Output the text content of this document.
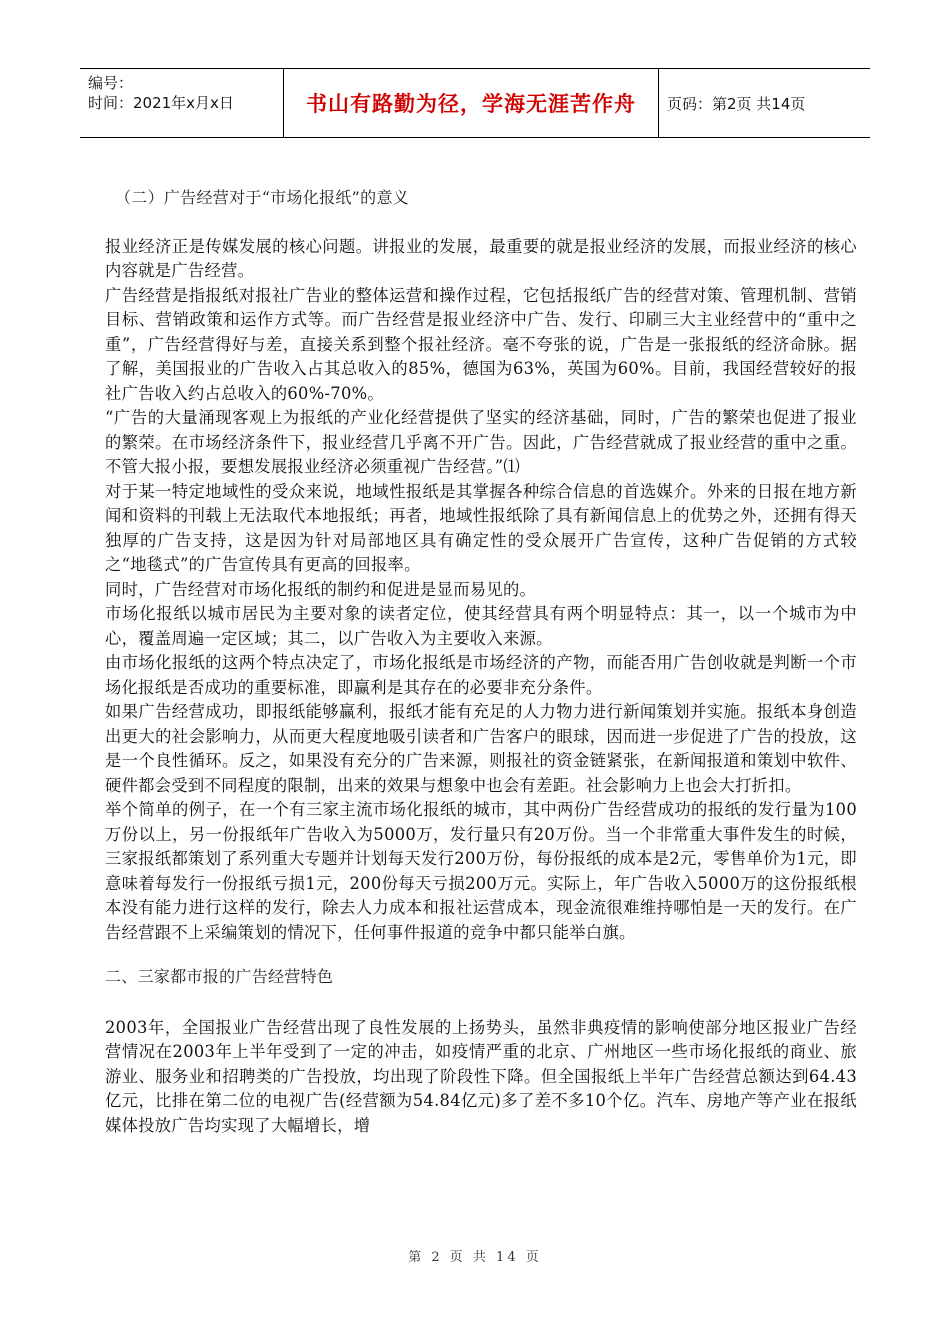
编号：
时间：2021年x月x日	书山有路勤为径，学海无涯苦作舟	页码：第2页 共14页
（二）广告经营对于“市场化报纸”的意义

报业经济正是传媒发展的核心问题。讲报业的发展，最重要的就是报业经济的发展，而报业经济的核心内容就是广告经营。

广告经营是指报纸对报社广告业的整体运营和操作过程，它包括报纸广告的经营对策、管理机制、营销目标、营销政策和运作方式等。而广告经营是报业经济中广告、发行、印刷三大主业经营中的“重中之重”，广告经营得好与差，直接关系到整个报社经济。毫不夸张的说，广告是一张报纸的经济命脉。据了解，美国报业的广告收入占其总收入的85%，德国为63%，英国为60%。目前，我国经营较好的报社广告收入约占总收入的60%-70%。

“广告的大量涌现客观上为报纸的产业化经营提供了坚实的经济基础，同时，广告的繁荣也促进了报业的繁荣。在市场经济条件下，报业经营几乎离不开广告。因此，广告经营就成了报业经营的重中之重。不管大报小报，要想发展报业经济必须重视广告经营。”⑴

对于某一特定地域性的受众来说，地域性报纸是其掌握各种综合信息的首选媒介。外来的日报在地方新闻和资料的刊载上无法取代本地报纸；再者，地域性报纸除了具有新闻信息上的优势之外，还拥有得天独厚的广告支持，这是因为针对局部地区具有确定性的受众展开广告宣传，这种广告促销的方式较之“地毯式”的广告宣传具有更高的回报率。

同时，广告经营对市场化报纸的制约和促进是显而易见的。

市场化报纸以城市居民为主要对象的读者定位，使其经营具有两个明显特点：其一，以一个城市为中心，覆盖周遍一定区域；其二，以广告收入为主要收入来源。

由市场化报纸的这两个特点决定了，市场化报纸是市场经济的产物，而能否用广告创收就是判断一个市场化报纸是否成功的重要标准，即赢利是其存在的必要非充分条件。

如果广告经营成功，即报纸能够赢利，报纸才能有充足的人力物力进行新闻策划并实施。报纸本身创造出更大的社会影响力，从而更大程度地吸引读者和广告客户的眼球，因而进一步促进了广告的投放，这是一个良性循环。反之，如果没有充分的广告来源，则报社的资金链紧张，在新闻报道和策划中软件、硬件都会受到不同程度的限制，出来的效果与想象中也会有差距。社会影响力上也会大打折扣。

举个简单的例子，在一个有三家主流市场化报纸的城市，其中两份广告经营成功的报纸的发行量为100万份以上，另一份报纸年广告收入为5000万，发行量只有20万份。当一个非常重大事件发生的时候，三家报纸都策划了系列重大专题并计划每天发行200万份，每份报纸的成本是2元，零售单价为1元，即意味着每发行一份报纸亏损1元，200份每天亏损200万元。实际上，年广告收入5000万的这份报纸根本没有能力进行这样的发行，除去人力成本和报社运营成本，现金流很难维持哪怕是一天的发行。在广告经营跟不上采编策划的情况下，任何事件报道的竞争中都只能举白旗。

二、三家都市报的广告经营特色

2003年，全国报业广告经营出现了良性发展的上扬势头，虽然非典疫情的影响使部分地区报业广告经营情况在2003年上半年受到了一定的冲击，如疫情严重的北京、广州地区一些市场化报纸的商业、旅游业、服务业和招聘类的广告投放，均出现了阶段性下降。但全国报纸上半年广告经营总额达到64.43亿元，比排在第二位的电视广告(经营额为54.84亿元)多了差不多10个亿。汽车、房地产等产业在报纸媒体投放广告均实现了大幅增长，增

第 2 页 共 14 页
